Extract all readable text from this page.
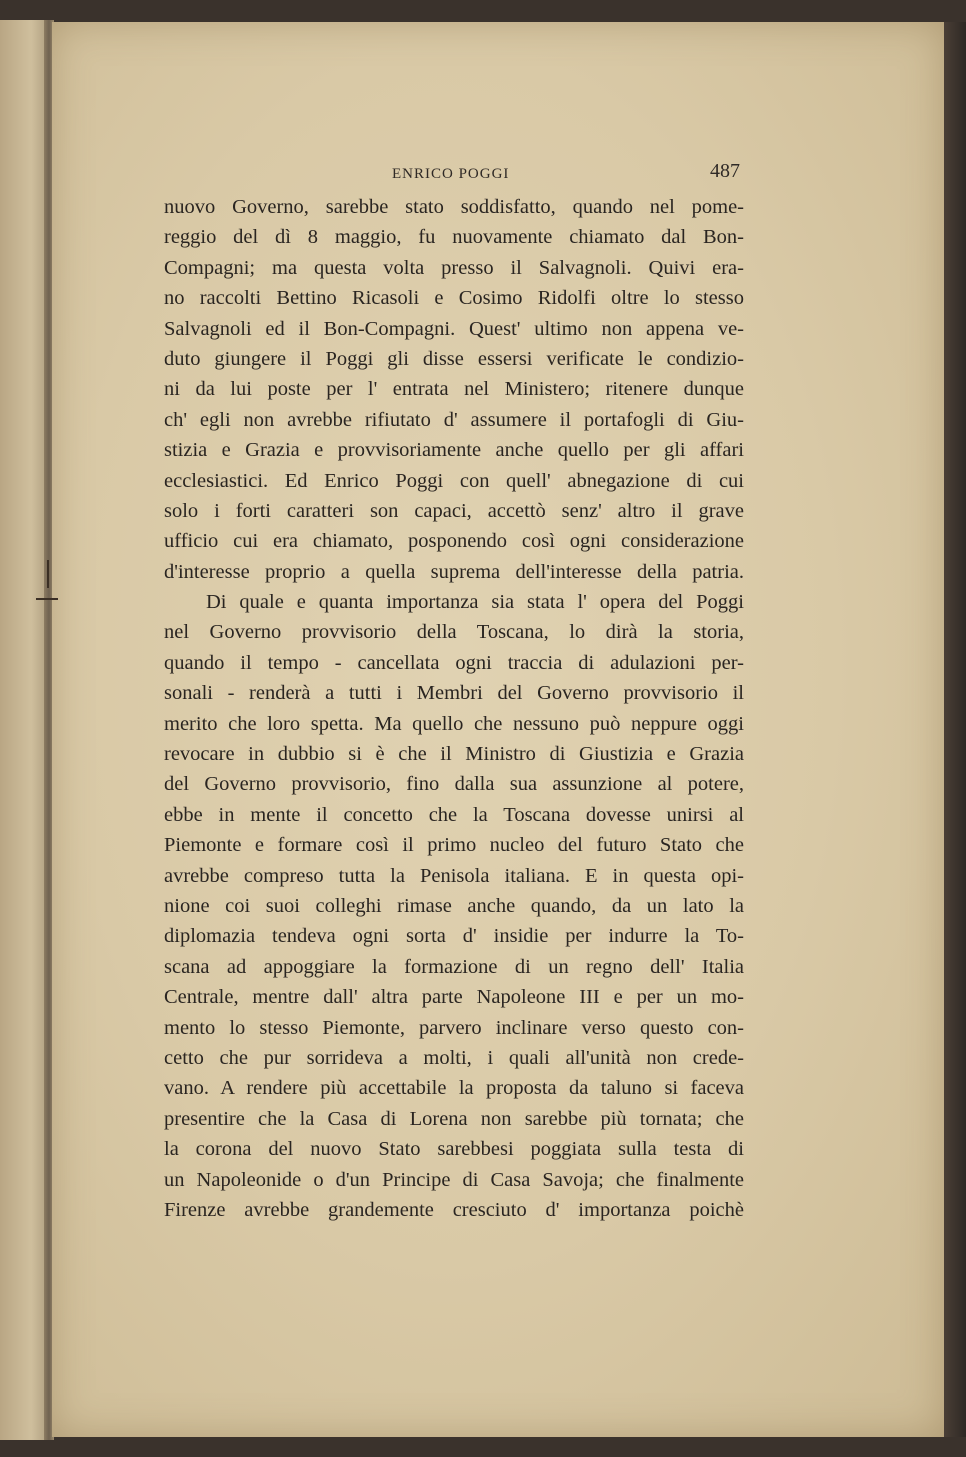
ENRICO POGGI	487
nuovo Governo, sarebbe stato soddisfatto, quando nel pome-
reggio del dì 8 maggio, fu nuovamente chiamato dal Bon-
Compagni; ma questa volta presso il Salvagnoli. Quivi era-
no raccolti Bettino Ricasoli e Cosimo Ridolfi oltre lo stesso
Salvagnoli ed il Bon-Compagni. Quest' ultimo non appena ve-
duto giungere il Poggi gli disse essersi verificate le condizio-
ni da lui poste per l' entrata nel Ministero; ritenere dunque
ch' egli non avrebbe rifiutato d' assumere il portafogli di Giu-
stizia e Grazia e provvisoriamente anche quello per gli affari
ecclesiastici. Ed Enrico Poggi con quell' abnegazione di cui
solo i forti caratteri son capaci, accettò senz' altro il grave
ufficio cui era chiamato, posponendo così ogni considerazione
d'interesse proprio a quella suprema dell'interesse della patria.
Di quale e quanta importanza sia stata l' opera del Poggi
nel Governo provvisorio della Toscana, lo dirà la storia,
quando il tempo - cancellata ogni traccia di adulazioni per-
sonali - renderà a tutti i Membri del Governo provvisorio il
merito che loro spetta. Ma quello che nessuno può neppure oggi
revocare in dubbio si è che il Ministro di Giustizia e Grazia
del Governo provvisorio, fino dalla sua assunzione al potere,
ebbe in mente il concetto che la Toscana dovesse unirsi al
Piemonte e formare così il primo nucleo del futuro Stato che
avrebbe compreso tutta la Penisola italiana. E in questa opi-
nione coi suoi colleghi rimase anche quando, da un lato la
diplomazia tendeva ogni sorta d' insidie per indurre la To-
scana ad appoggiare la formazione di un regno dell' Italia
Centrale, mentre dall' altra parte Napoleone III e per un mo-
mento lo stesso Piemonte, parvero inclinare verso questo con-
cetto che pur sorrideva a molti, i quali all'unità non crede-
vano. A rendere più accettabile la proposta da taluno si faceva
presentire che la Casa di Lorena non sarebbe più tornata; che
la corona del nuovo Stato sarebbesi poggiata sulla testa di
un Napoleonide o d'un Principe di Casa Savoja; che finalmente
Firenze avrebbe grandemente cresciuto d' importanza poichè
